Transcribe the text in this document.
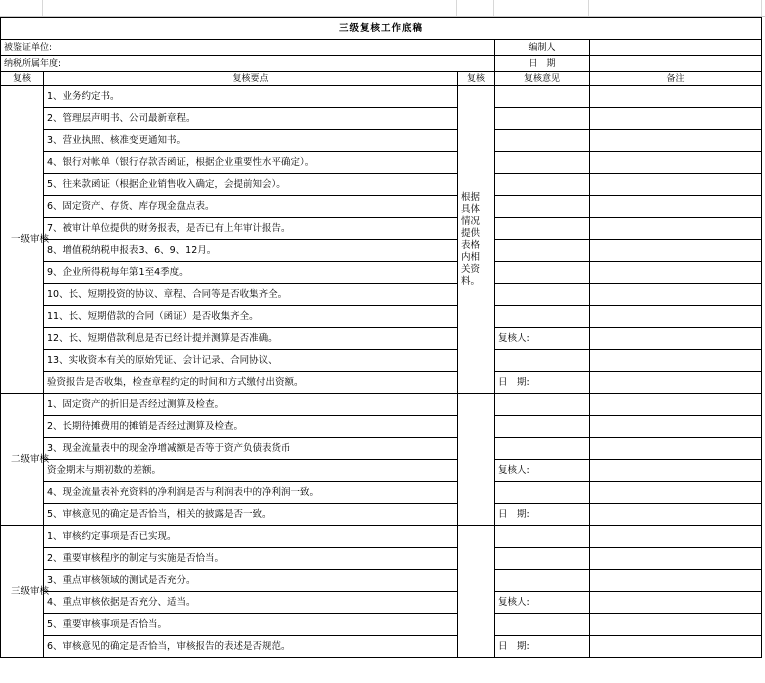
三级复核工作底稿				
被鉴证单位:			编制人	
纳税所属年度:			日　期	
复核	复核要点	复核	复核意见	备注
一级审核	1、业务约定书。	根据具体情况提供表格内相关资料。		
	2、管理层声明书、公司最新章程。			
	3、营业执照、核准变更通知书。			
	4、银行对帐单（银行存款否函证，根据企业重要性水平确定）。			
	5、往来款函证（根据企业销售收入确定，会提前知会）。			
	6、固定资产、存货、库存现金盘点表。			
	7、被审计单位提供的财务报表，是否已有上年审计报告。			
	8、增值税纳税申报表3、6、9、12月。			
	9、企业所得税每年第1至4季度。			
	10、长、短期投资的协议、章程、合同等是否收集齐全。			
	11、长、短期借款的合同（函证）是否收集齐全。			
	12、长、短期借款利息是否已经计提并测算是否准确。		复核人:	
	13、实收资本有关的原始凭证、会计记录、合同协议、			
	验资报告是否收集，检查章程约定的时间和方式缴付出资额。		日　期:	
二级审核	1、固定资产的折旧是否经过测算及检查。			
	2、长期待摊费用的摊销是否经过测算及检查。			
	3、现金流量表中的现金净增减额是否等于资产负债表货币			
	资金期末与期初数的差额。		复核人:	
	4、现金流量表补充资料的净利润是否与利润表中的净利润一致。			
	5、审核意见的确定是否恰当，相关的披露是否一致。		日　期:	
三级审核	1、审核约定事项是否已实现。			
	2、重要审核程序的制定与实施是否恰当。			
	3、重点审核领域的测试是否充分。			
	4、重点审核依据是否充分、适当。		复核人:	
	5、重要审核事项是否恰当。			
	6、审核意见的确定是否恰当，审核报告的表述是否规范。		日　期:	
